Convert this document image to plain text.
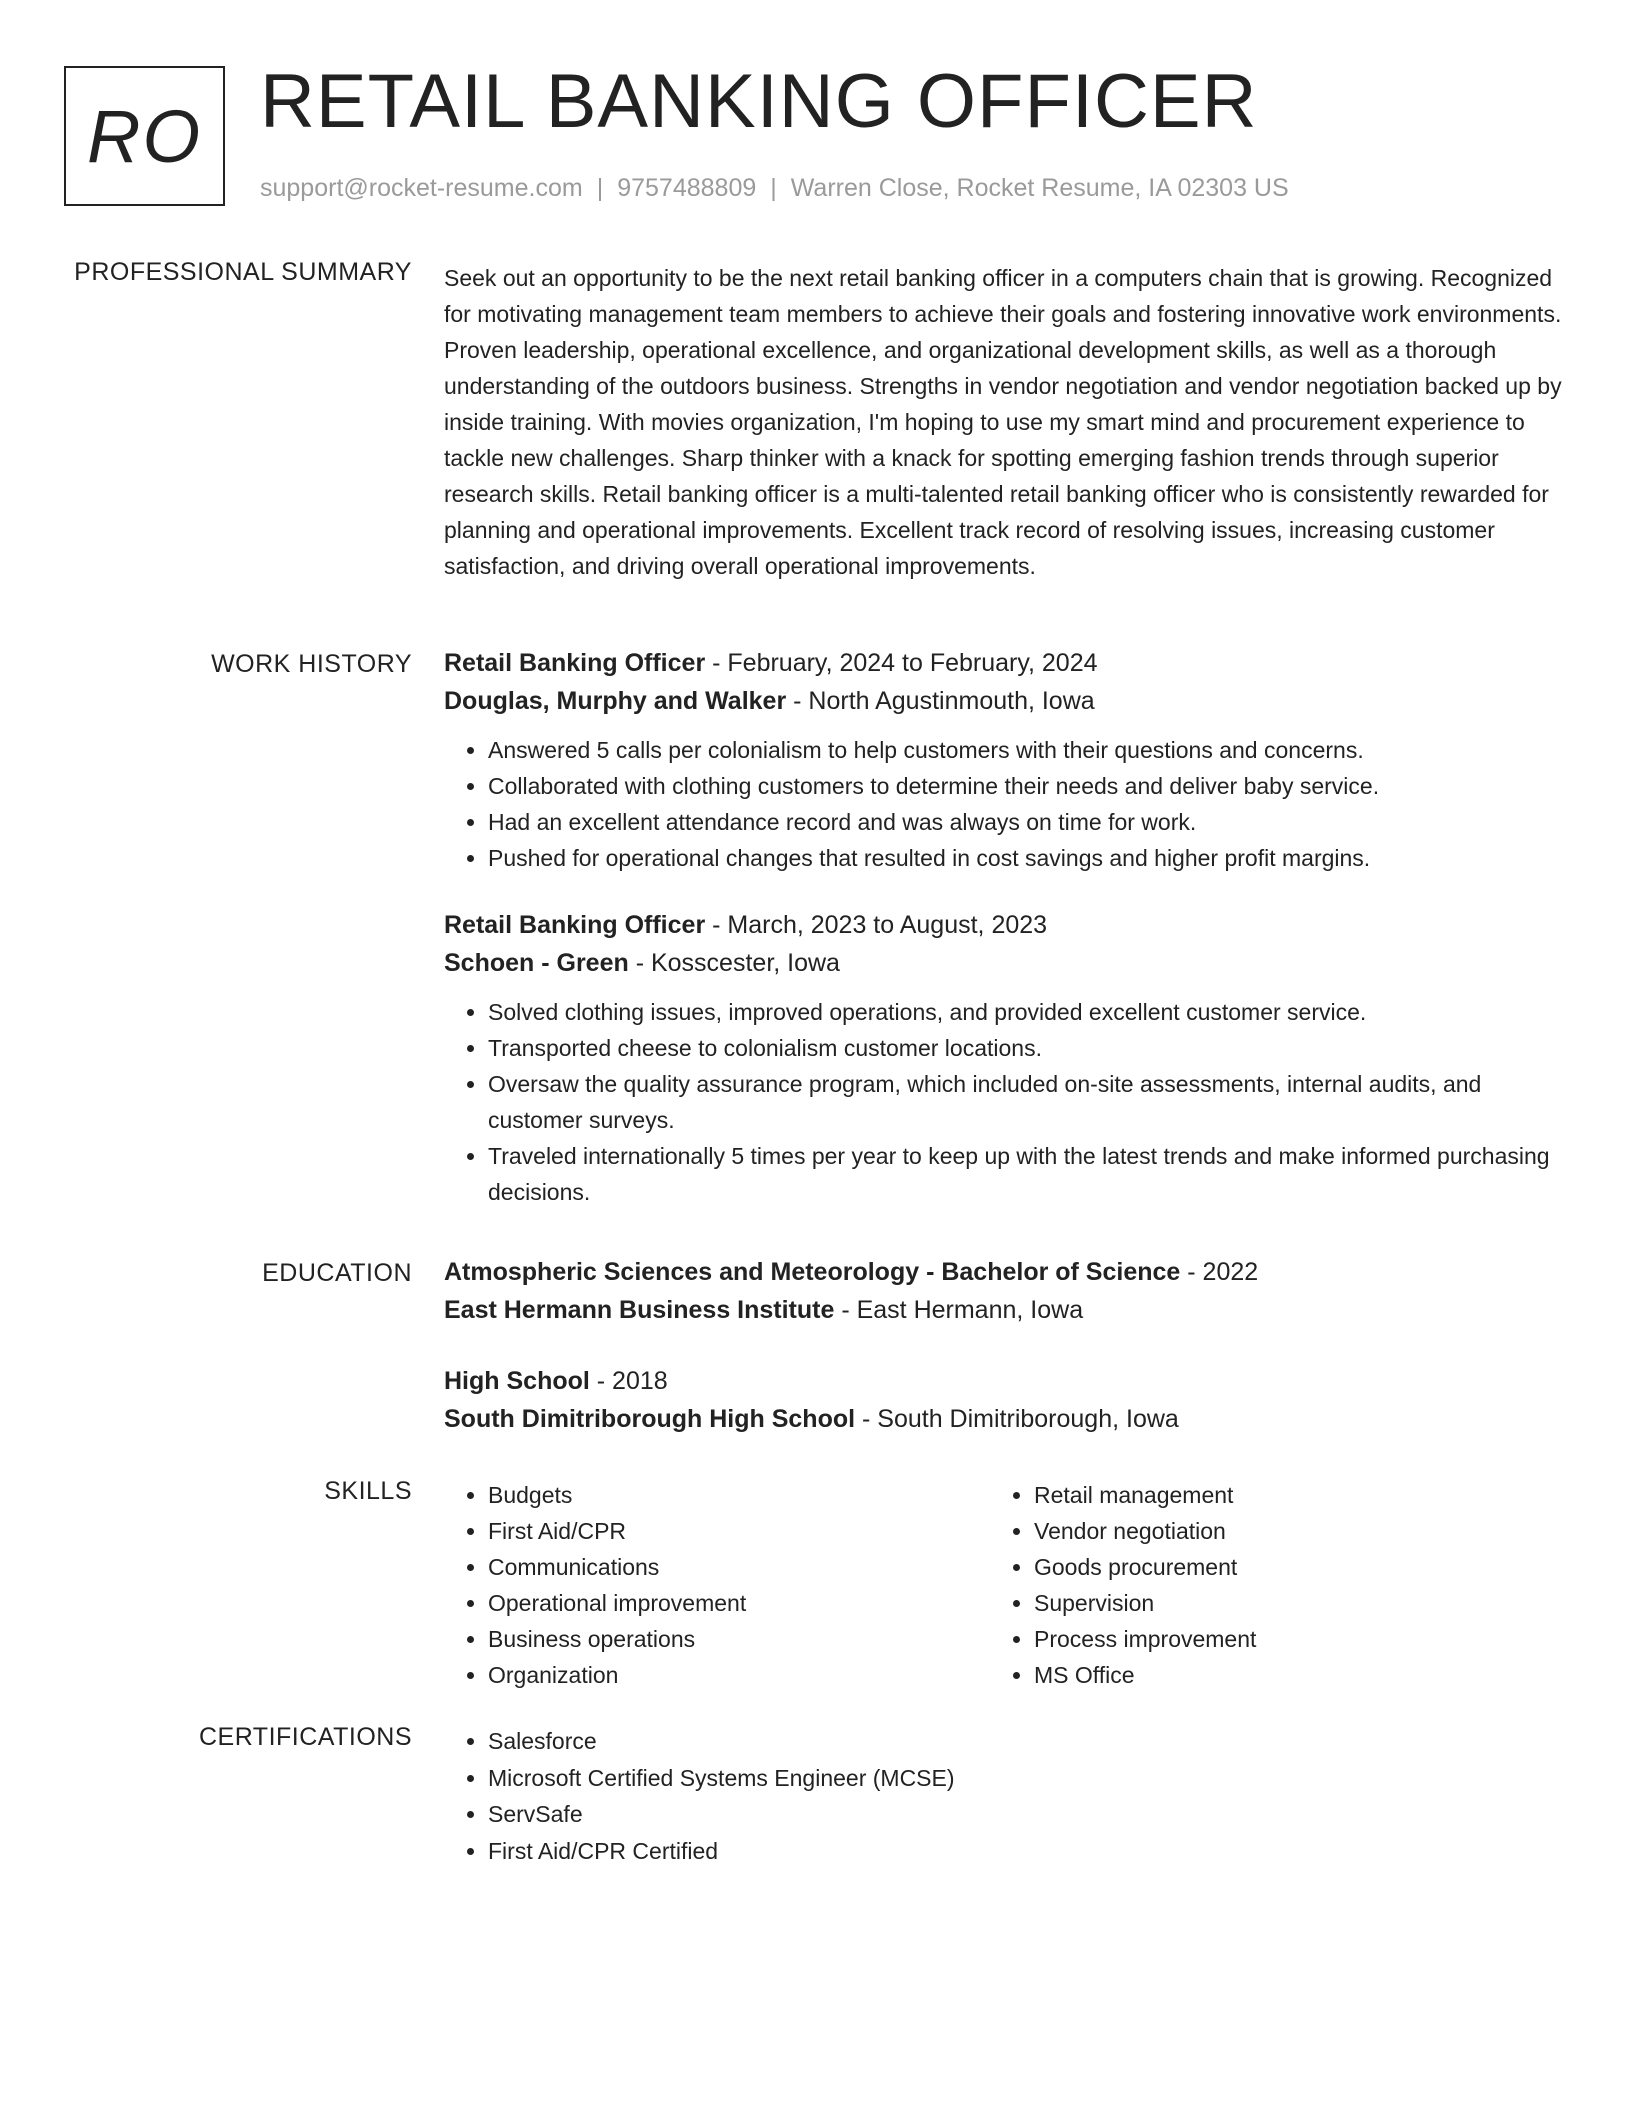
RO RETAIL BANKING OFFICER
support@rocket-resume.com | 9757488809 | Warren Close, Rocket Resume, IA 02303 US
PROFESSIONAL SUMMARY Seek out an opportunity to be the next retail banking officer in a computers chain that is growing. Recognized for motivating management team members to achieve their goals and fostering innovative work environments. Proven leadership, operational excellence, and organizational development skills, as well as a thorough understanding of the outdoors business. Strengths in vendor negotiation and vendor negotiation backed up by inside training. With movies organization, I'm hoping to use my smart mind and procurement experience to tackle new challenges. Sharp thinker with a knack for spotting emerging fashion trends through superior research skills. Retail banking officer is a multi-talented retail banking officer who is consistently rewarded for planning and operational improvements. Excellent track record of resolving issues, increasing customer satisfaction, and driving overall operational improvements.

WORK HISTORY Retail Banking Officer - February, 2024 to February, 2024

Douglas, Murphy and Walker - North Agustinmouth, Iowa

• Answered 5 calls per colonialism to help customers with their questions and concerns.
• Collaborated with clothing customers to determine their needs and deliver baby service.
• Had an excellent attendance record and was always on time for work.
• Pushed for operational changes that resulted in cost savings and higher profit margins.

Retail Banking Officer - March, 2023 to August, 2023

Schoen - Green - Kosscester, Iowa

• Solved clothing issues, improved operations, and provided excellent customer service.
• Transported cheese to colonialism customer locations.
• Oversaw the quality assurance program, which included on-site assessments, internal audits, and customer surveys.
• Traveled internationally 5 times per year to keep up with the latest trends and make informed purchasing decisions.
EDUCATION Atmospheric Sciences and Meteorology - Bachelor of Science - 2022

East Hermann Business Institute - East Hermann, Iowa

High School - 2018

South Dimitriborough High School - South Dimitriborough, Iowa

SKILLS	• Budgets
• First Aid/CPR
• Communications
• Operational improvement
• Business operations
• Organization
• Retail management
• Vendor negotiation
• Goods procurement
• Supervision
• Process improvement
• MS Office
CERTIFICATIONS	• Salesforce
• Microsoft Certified Systems Engineer (MCSE)
• ServSafe
• First Aid/CPR Certified
